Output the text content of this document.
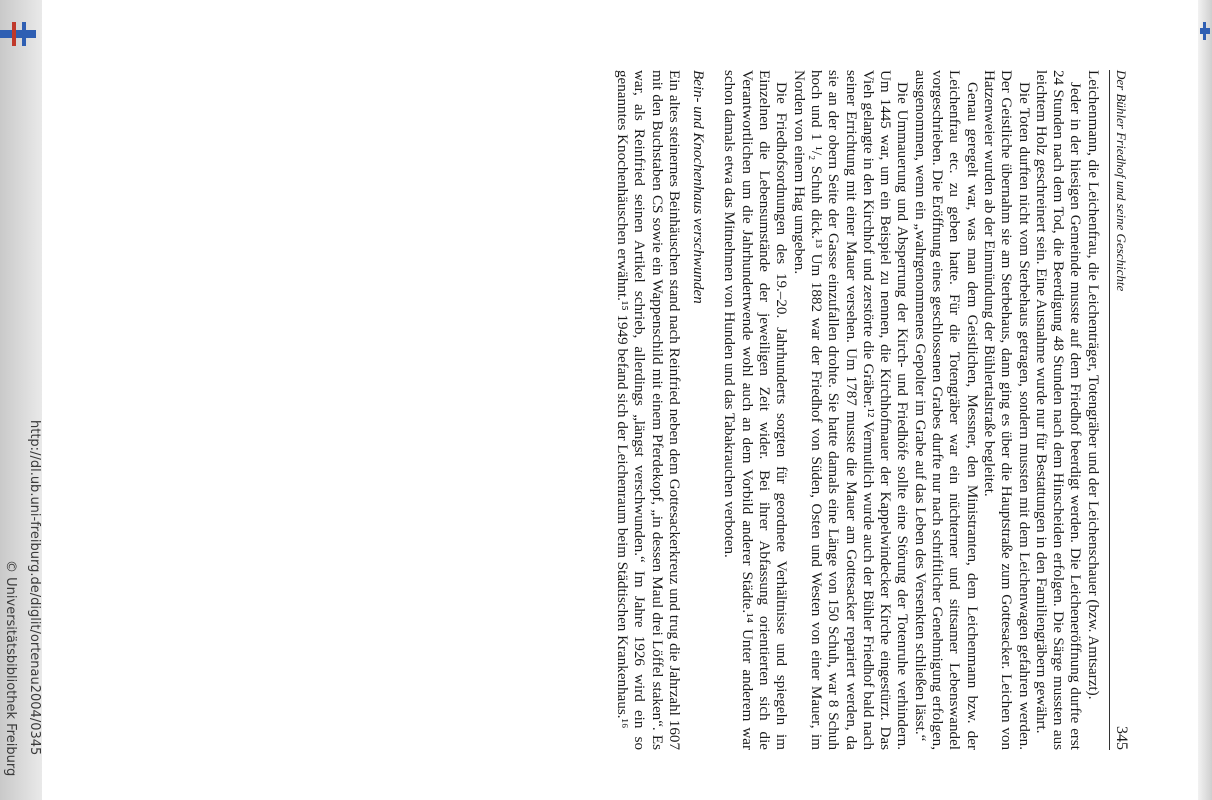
http://dl.ub.uni-freiburg.de/diglit/ortenau2004/0345
© Universitätsbibliothek Freiburg
Der Bühler Friedhof und seine Geschichte
345

Leichenmann, die Leichenfrau, die Leichenträger, Totengräber und der Leichenschauer (bzw. Amtsarzt).

Jeder in der hiesigen Gemeinde musste auf dem Friedhof beerdigt werden. Die Leicheneröffnung durfte erst 24 Stunden nach dem Tod, die Beerdigung 48 Stunden nach dem Hinscheiden erfolgen. Die Särge mussten aus leichtem Holz geschreinert sein. Eine Ausnahme wurde nur für Bestattungen in den Familiengräbern gewährt.

Die Toten durften nicht vom Sterbehaus getragen, sondern mussten mit dem Leichenwagen gefahren werden. Der Geistliche übernahm sie am Sterbehaus, dann ging es über die Hauptstraße zum Gottesacker. Leichen von Hatzenweier wurden ab der Einmündung der Bühlertalstraße begleitet.

Genau geregelt war, was man dem Geistlichen, Messner, den Ministranten, dem Leichenmann bzw. der Leichenfrau etc. zu geben hatte. Für die Totengräber war ein nüchterner und sittsamer Lebenswandel vorgeschrieben. Die Eröffnung eines geschlossenen Grabes durfte nur nach schriftlicher Genehmigung erfolgen, ausgenommen, wenn ein „wahrgenommenes Gepolter im Grabe auf das Leben des Versenkten schließen lässt.“

Die Ummauerung und Absperrung der Kirch- und Friedhöfe sollte eine Störung der Totenruhe verhindern. Um 1445 war, um ein Beispiel zu nennen, die Kirchhofmauer der Kappelwindecker Kirche eingestürzt. Das Vieh gelangte in den Kirchhof und zerstörte die Gräber.¹² Vermutlich wurde auch der Bühler Friedhof bald nach seiner Errichtung mit einer Mauer versehen. Um 1787 musste die Mauer am Gottesacker repariert werden, da sie an der obern Seite der Gasse einzufallen drohte. Sie hatte damals eine Länge von 150 Schuh, war 8 Schuh hoch und 1 ¹/₂ Schuh dick.¹³ Um 1882 war der Friedhof von Süden, Osten und Westen von einer Mauer, im Norden von einem Hag umgeben.

Die Friedhofsordnungen des 19.–20. Jahrhunderts sorgten für geordnete Verhältnisse und spiegeln im Einzelnen die Lebensumstände der jeweiligen Zeit wider. Bei ihrer Abfassung orientierten sich die Verantwortlichen um die Jahrhundertwende wohl auch an dem Vorbild anderer Städte.¹⁴ Unter anderem war schon damals etwa das Mitnehmen von Hunden und das Tabakrauchen verboten.

Bein- und Knochenhaus verschwunden

Ein altes steinernes Beinhäuschen stand nach Reinfried neben dem Gottesackerkreuz und trug die Jahrzahl 1607 mit den Buchstaben CS sowie ein Wappenschild mit einem Pferdekopf, „in dessen Maul drei Löffel staken“. Es war, als Reinfried seinen Artikel schrieb, allerdings „längst verschwunden.“ Im Jahre 1926 wird ein so genanntes Knochenhäuschen erwähnt.¹⁵ 1949 befand sich der Leichenraum beim Städtischen Krankenhaus.¹⁶
